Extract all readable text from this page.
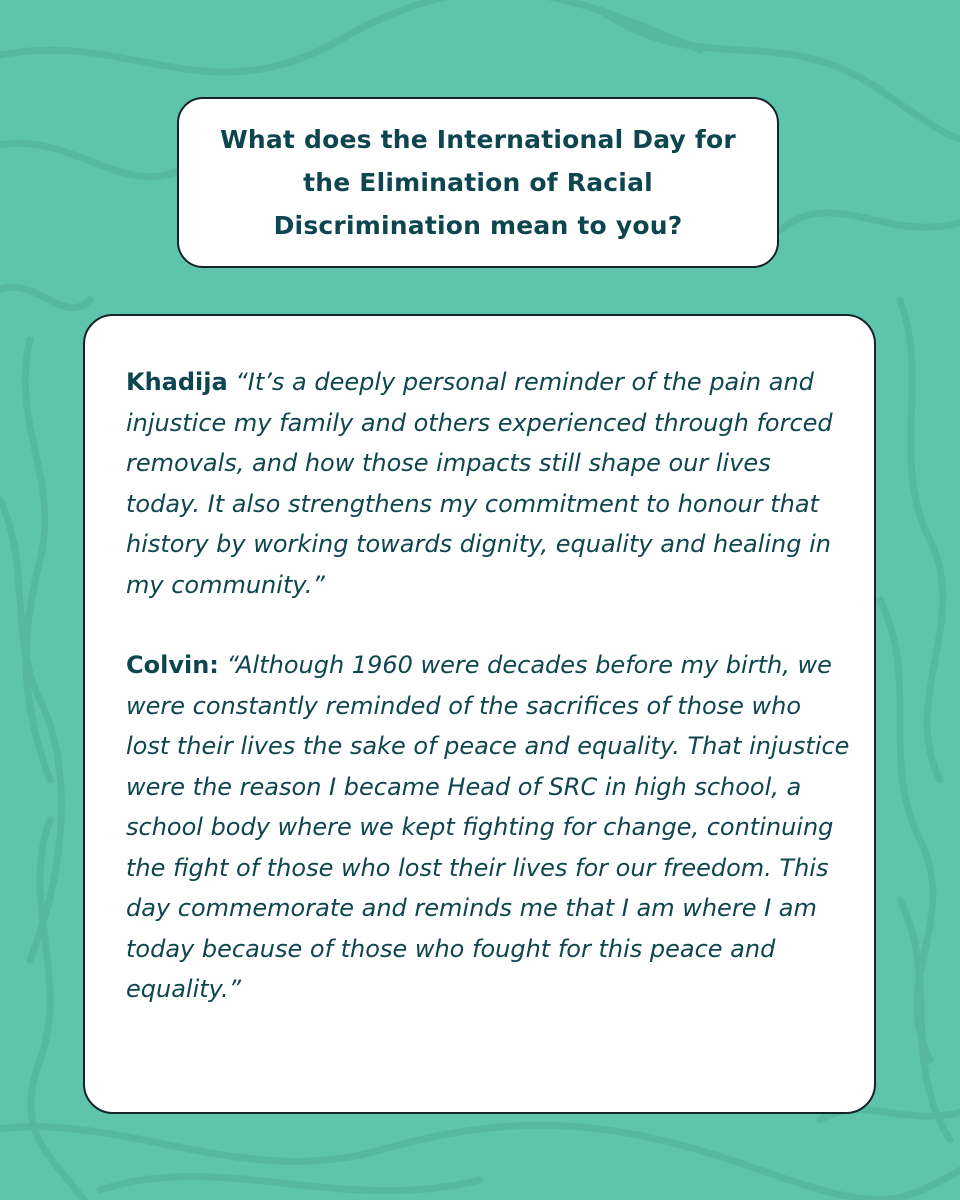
What does the International Day for the Elimination of Racial Discrimination mean to you?

Khadija “It’s a deeply personal reminder of the pain and injustice my family and others experienced through forced removals, and how those impacts still shape our lives today. It also strengthens my commitment to honour that history by working towards dignity, equality and healing in my community.”

Colvin: “Although 1960 were decades before my birth, we were constantly reminded of the sacrifices of those who lost their lives the sake of peace and equality. That injustice were the reason I became Head of SRC in high school, a school body where we kept fighting for change, continuing the fight of those who lost their lives for our freedom. This day commemorate and reminds me that I am where I am today because of those who fought for this peace and equality.”
